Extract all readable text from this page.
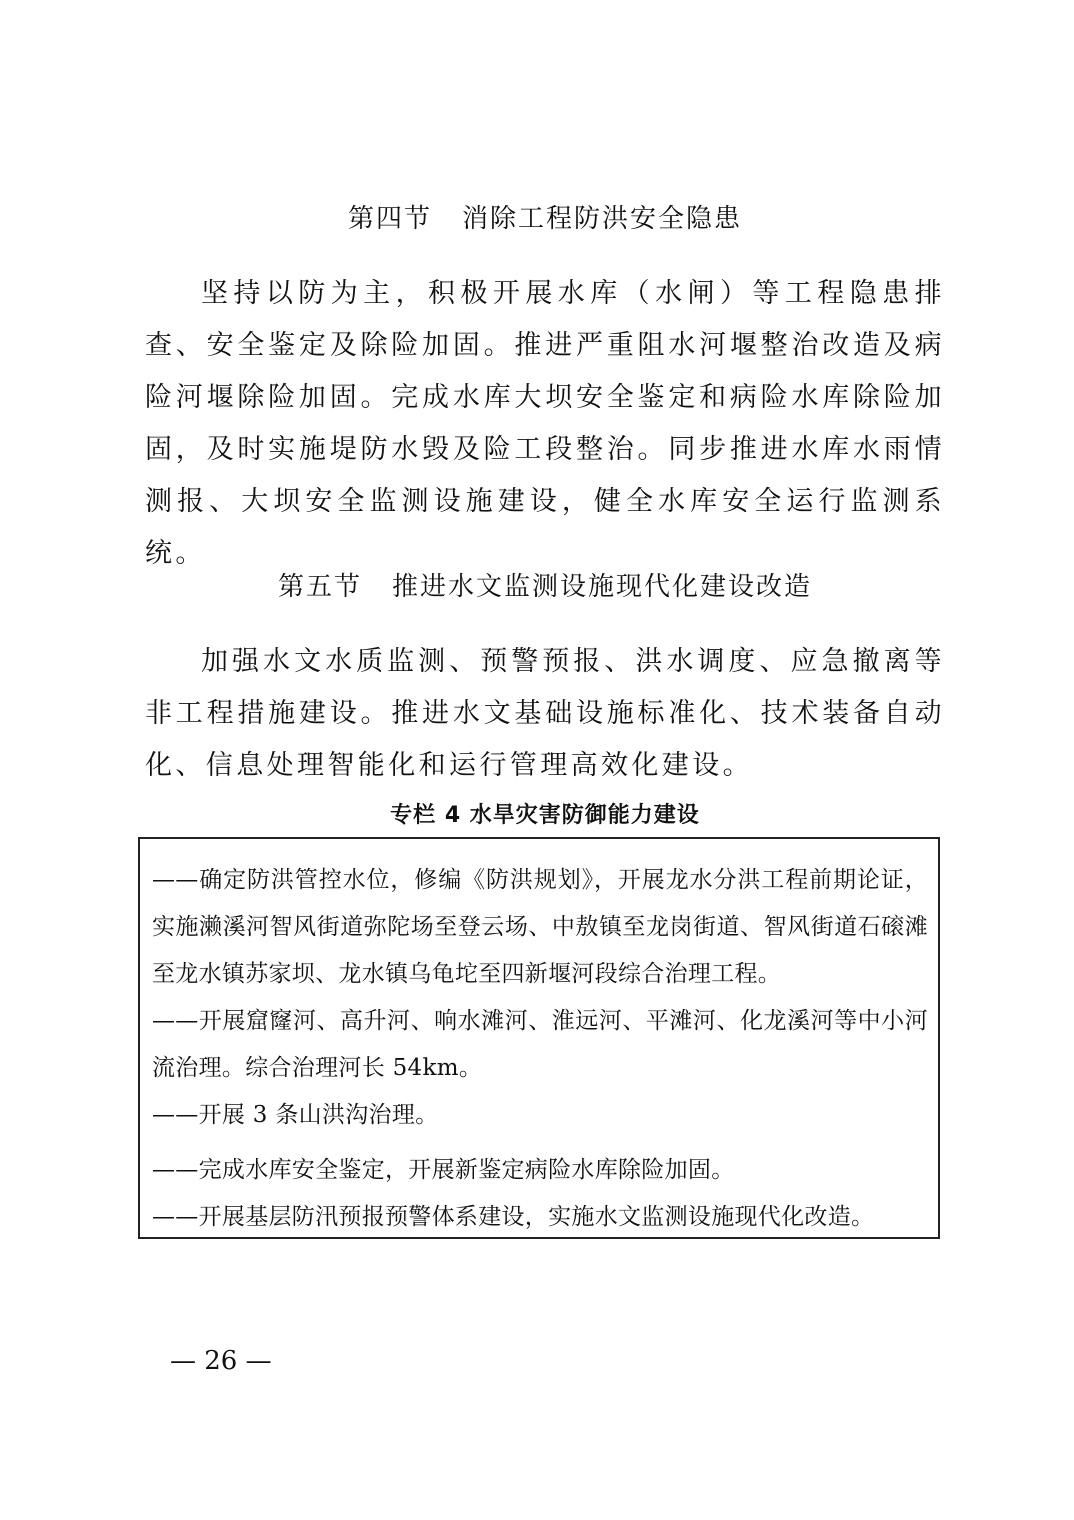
第四节 消除工程防洪安全隐患

坚持以防为主，积极开展水库（水闸）等工程隐患排查、安全鉴定及除险加固。推进严重阻水河堰整治改造及病险河堰除险加固。完成水库大坝安全鉴定和病险水库除险加固，及时实施堤防水毁及险工段整治。同步推进水库水雨情测报、大坝安全监测设施建设，健全水库安全运行监测系统。

第五节 推进水文监测设施现代化建设改造

加强水文水质监测、预警预报、洪水调度、应急撤离等非工程措施建设。推进水文基础设施标准化、技术装备自动化、信息处理智能化和运行管理高效化建设。

专栏 4 水旱灾害防御能力建设

——确定防洪管控水位，修编《防洪规划》，开展龙水分洪工程前期论证，实施濑溪河智风街道弥陀场至登云场、中敖镇至龙岗街道、智风街道石磙滩至龙水镇苏家坝、龙水镇乌龟坨至四新堰河段综合治理工程。

——开展窟窿河、高升河、响水滩河、淮远河、平滩河、化龙溪河等中小河流治理。综合治理河长 54km。

——开展 3 条山洪沟治理。

——完成水库安全鉴定，开展新鉴定病险水库除险加固。

——开展基层防汛预报预警体系建设，实施水文监测设施现代化改造。

— 26 —
